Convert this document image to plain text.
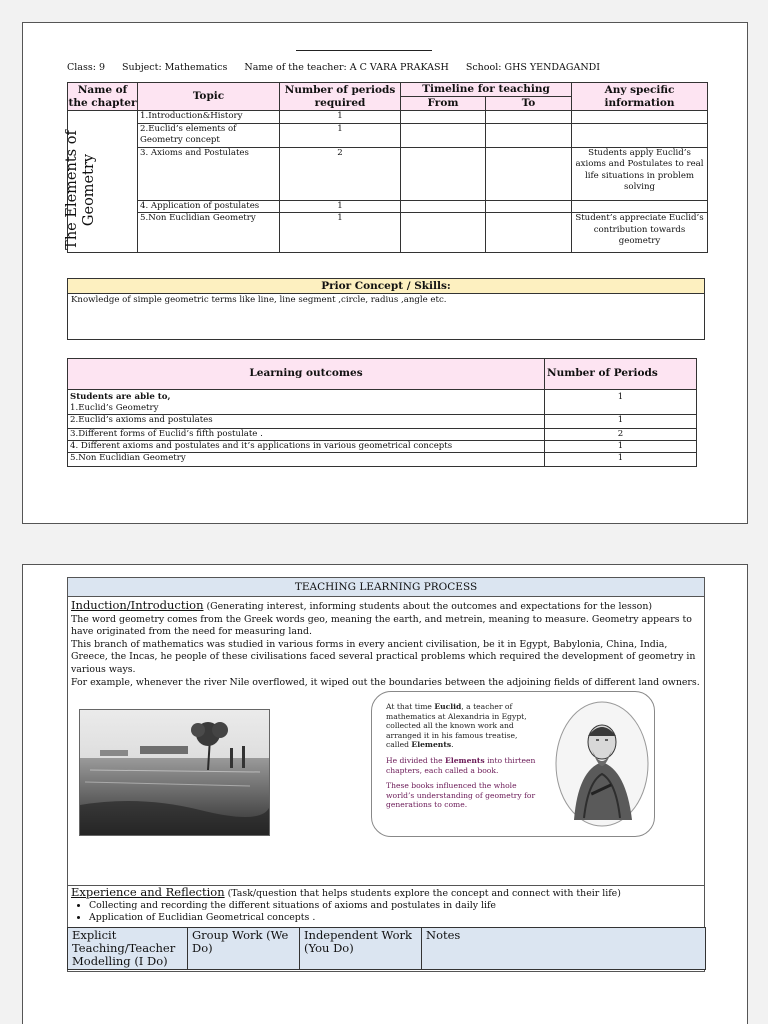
Class: 9 Subject: Mathematics Name of the teacher: A C VARA PRAKASH School: GHS YENDAGANDI
Name of the chapter	Topic	Number of periods required	Timeline for teaching		Any specific information
			From	To	

The Elements of Geometry	1.Introduction&History	1			
	2.Euclid’s elements of Geometry concept	1			
	3. Axioms and Postulates	2			Students apply Euclid’s axioms and Postulates to real life situations in problem solving
	4. Application of postulates	1			
	5.Non Euclidian Geometry	1			Student’s appreciate Euclid’s contribution towards geometry
Prior Concept / Skills:
Knowledge of simple geometric terms like line, line segment ,circle, radius ,angle etc.
Learning outcomes	Number of Periods

Students are able to,
1.Euclid’s Geometry	1
2.Euclid’s axioms and postulates	1
3.Different forms of Euclid’s fifth postulate .	2
4. Different axioms and postulates and it’s applications in various geometrical concepts	1
5.Non Euclidian Geometry	1
TEACHING LEARNING PROCESS
Induction/Introduction (Generating interest, informing students about the outcomes and expectations for the lesson)
The word geometry comes from the Greek words geo, meaning the earth, and metrein, meaning to measure. Geometry appears to have originated from the need for measuring land.
This branch of mathematics was studied in various forms in every ancient civilisation, be it in Egypt, Babylonia, China, India, Greece, the Incas, he people of these civilisations faced several practical problems which required the development of geometry in various ways.
For example, whenever the river Nile overflowed, it wiped out the boundaries between the adjoining fields of different land owners.

At that time Euclid, a teacher of mathematics at Alexandria in Egypt, collected all the known work and arranged it in his famous treatise, called Elements.

He divided the Elements into thirteen chapters, each called a book.

These books influenced the whole world’s understanding of geometry for generations to come.

Experience and Reflection (Task/question that helps students explore the concept and connect with their life)
• Collecting and recording the different situations of axioms and postulates in daily life
• Application of Euclidian Geometrical concepts .
Explicit Teaching/Teacher Modelling (I Do)	Group Work (We Do)	Independent Work (You Do)	Notes
